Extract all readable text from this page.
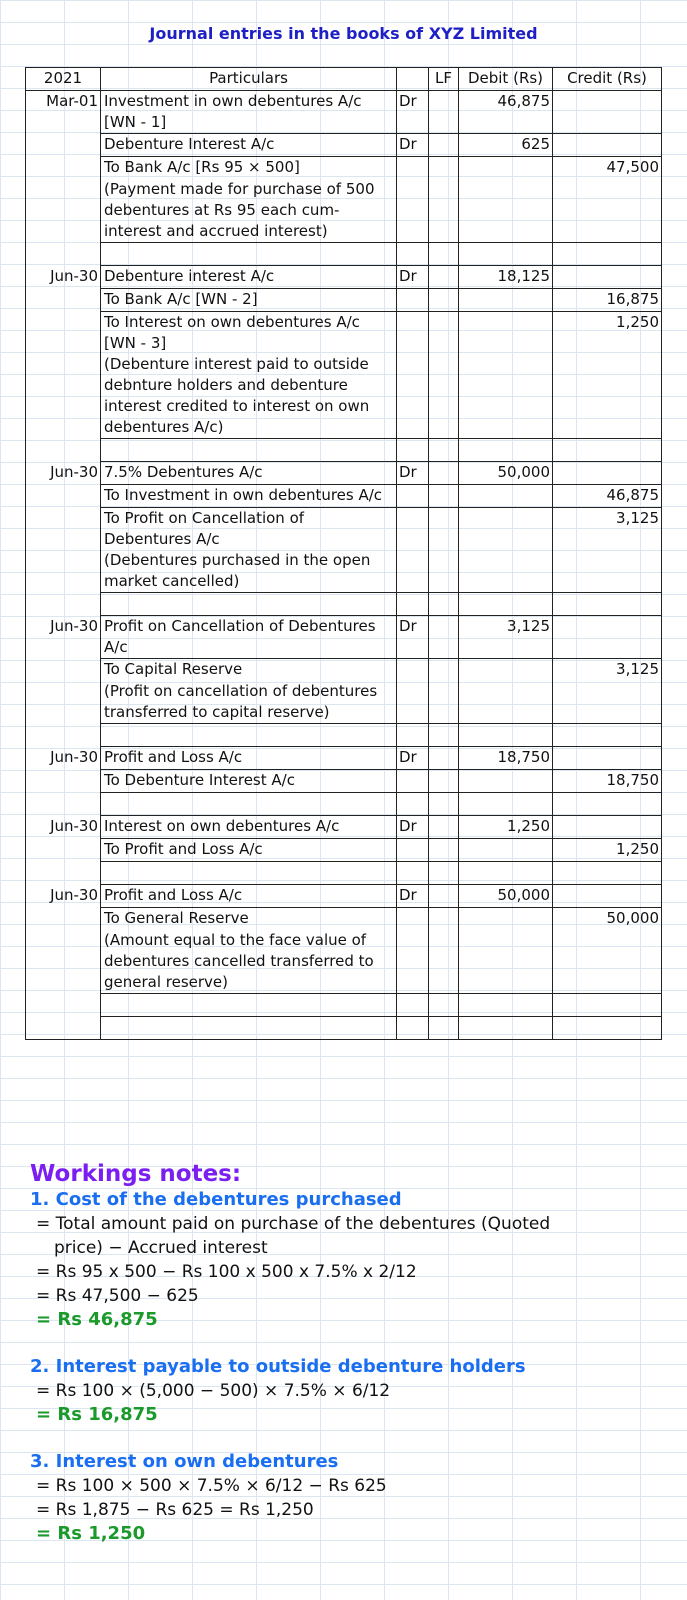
Journal entries in the books of XYZ Limited
2021	Particulars		LF	Debit (Rs)	Credit (Rs)
Mar-01	Investment in own debentures A/c [WN - 1]	Dr		46,875	
	Debenture Interest A/c	Dr		625	
	To Bank A/c [Rs 95 × 500]				47,500
	(Payment made for purchase of 500 debentures at Rs 95 each cum-interest and accrued interest)				

Jun-30	Debenture interest A/c	Dr		18,125	
	To Bank A/c [WN - 2]				16,875
	To Interest on own debentures A/c [WN - 3]				1,250
	(Debenture interest paid to outside debnture holders and debenture interest credited to interest on own debentures A/c)				

Jun-30	7.5% Debentures A/c	Dr		50,000	
	To Investment in own debentures A/c				46,875
	To Profit on Cancellation of Debentures A/c				3,125
	(Debentures purchased in the open market cancelled)				

Jun-30	Profit on Cancellation of Debentures A/c	Dr		3,125	
	To Capital Reserve				3,125
	(Profit on cancellation of debentures transferred to capital reserve)				

Jun-30	Profit and Loss A/c	Dr		18,750	
	To Debenture Interest A/c				18,750

Jun-30	Interest on own debentures A/c	Dr		1,250	
	To Profit and Loss A/c				1,250

Jun-30	Profit and Loss A/c	Dr		50,000	
	To General Reserve				50,000
	(Amount equal to the face value of debentures cancelled transferred to general reserve)				

Workings notes:
1. Cost of the debentures purchased
= Total amount paid on purchase of the debentures (Quoted
price) − Accrued interest
= Rs 95 x 500 − Rs 100 x 500 x 7.5% x 2/12
= Rs 47,500 − 625
= Rs 46,875
2. Interest payable to outside debenture holders
= Rs 100 × (5,000 − 500) × 7.5% × 6/12
= Rs 16,875
3. Interest on own debentures
= Rs 100 × 500 × 7.5% × 6/12 − Rs 625
= Rs 1,875 − Rs 625 = Rs 1,250
= Rs 1,250
